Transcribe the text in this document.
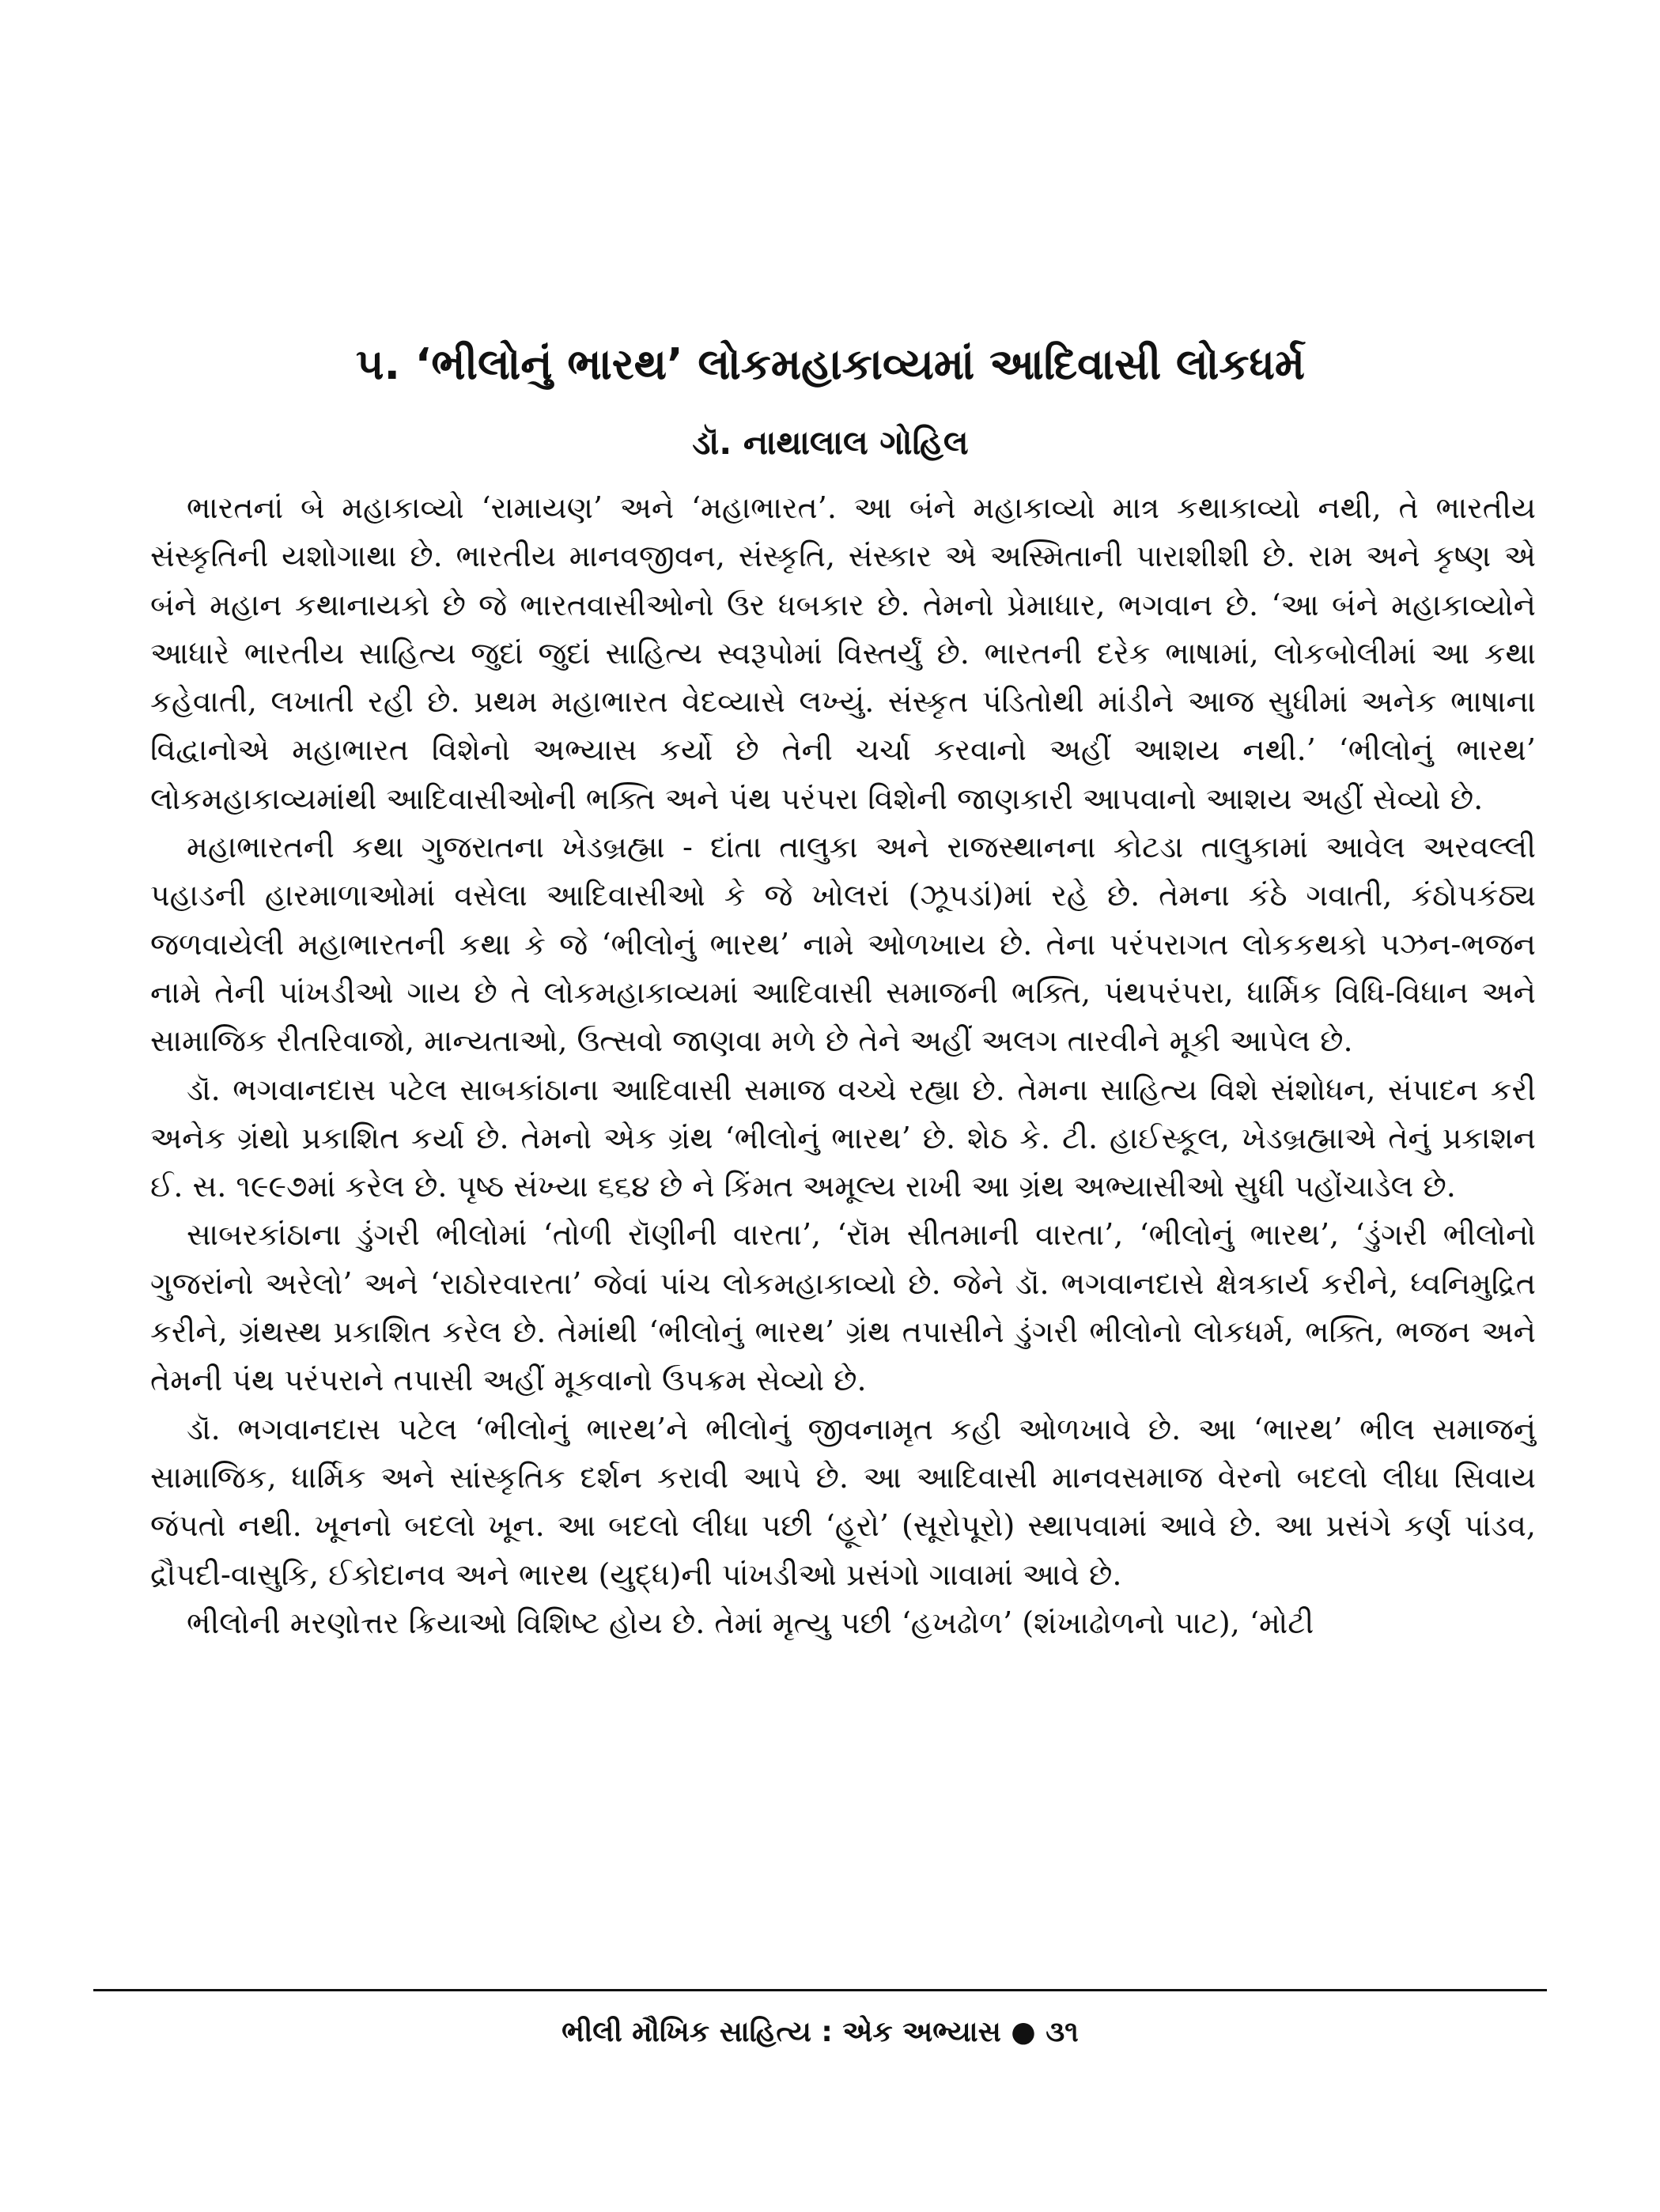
૫. ‘ભીલોનું ભારથ’ લોકમહાકાવ્યમાં આદિવાસી લોકધર્મ
ડૉ. નાથાલાલ ગોહિલ

ભારતનાં બે મહાકાવ્યો ‘રામાયણ’ અને ‘મહાભારત’. આ બંને મહાકાવ્યો માત્ર કથાકાવ્યો નથી, તે ભારતીય સંસ્કૃતિની યશોગાથા છે. ભારતીય માનવજીવન, સંસ્કૃતિ, સંસ્કાર એ અસ્મિતાની પારાશીશી છે. રામ અને કૃષ્ણ એ બંને મહાન કથાનાયકો છે જે ભારતવાસીઓનો ઉર ધબકાર છે. તેમનો પ્રેમાધાર, ભગવાન છે. ‘આ બંને મહાકાવ્યોને આધારે ભારતીય સાહિત્ય જુદાં જુદાં સાહિત્ય સ્વરૂપોમાં વિસ્તર્યું છે. ભારતની દરેક ભાષામાં, લોકબોલીમાં આ કથા કહેવાતી, લખાતી રહી છે. પ્રથમ મહાભારત વેદવ્યાસે લખ્યું. સંસ્કૃત પંડિતોથી માંડીને આજ સુધીમાં અનેક ભાષાના વિદ્વાનોએ મહાભારત વિશેનો અભ્યાસ કર્યો છે તેની ચર્ચા કરવાનો અહીં આશય નથી.’ ‘ભીલોનું ભારથ’ લોકમહાકાવ્યમાંથી આદિવાસીઓની ભક્તિ અને પંથ પરંપરા વિશેની જાણકારી આપવાનો આશય અહીં સેવ્યો છે.

મહાભારતની કથા ગુજરાતના ખેડબ્રહ્મા - દાંતા તાલુકા અને રાજસ્થાનના કોટડા તાલુકામાં આવેલ અરવલ્લી પહાડની હારમાળાઓમાં વસેલા આદિવાસીઓ કે જે ખોલરાં (ઝૂપડાં)માં રહે છે. તેમના કંઠે ગવાતી, કંઠોપકંઠ્ય જળવાયેલી મહાભારતની કથા કે જે ‘ભીલોનું ભારથ’ નામે ઓળખાય છે. તેના પરંપરાગત લોકકથકો પઝન-ભજન નામે તેની પાંખડીઓ ગાય છે તે લોકમહાકાવ્યમાં આદિવાસી સમાજની ભક્તિ, પંથપરંપરા, ધાર્મિક વિધિ-વિધાન અને સામાજિક રીતરિવાજો, માન્યતાઓ, ઉત્સવો જાણવા મળે છે તેને અહીં અલગ તારવીને મૂકી આપેલ છે.

ડૉ. ભગવાનદાસ પટેલ સાબકાંઠાના આદિવાસી સમાજ વચ્ચે રહ્યા છે. તેમના સાહિત્ય વિશે સંશોધન, સંપાદન કરી અનેક ગ્રંથો પ્રકાશિત કર્યા છે. તેમનો એક ગ્રંથ ‘ભીલોનું ભારથ’ છે. શેઠ કે. ટી. હાઈસ્કૂલ, ખેડબ્રહ્માએ તેનું પ્રકાશન ઈ. સ. ૧૯૯૭માં કરેલ છે. પૃષ્ઠ સંખ્યા ૬૬૪ છે ને કિંમત અમૂલ્ય રાખી આ ગ્રંથ અભ્યાસીઓ સુધી પહોંચાડેલ છે.

સાબરકાંઠાના ડુંગરી ભીલોમાં ‘તોળી રૉણીની વારતા’, ‘રૉમ સીતમાની વારતા’, ‘ભીલોનું ભારથ’, ‘ડુંગરી ભીલોનો ગુજરાંનો અરેલો’ અને ‘રાઠોરવારતા’ જેવાં પાંચ લોકમહાકાવ્યો છે. જેને ડૉ. ભગવાનદાસે ક્ષેત્રકાર્ય કરીને, ધ્વનિમુદ્રિત કરીને, ગ્રંથસ્થ પ્રકાશિત કરેલ છે. તેમાંથી ‘ભીલોનું ભારથ’ ગ્રંથ તપાસીને ડુંગરી ભીલોનો લોકધર્મ, ભક્તિ, ભજન અને તેમની પંથ પરંપરાને તપાસી અહીં મૂકવાનો ઉપક્રમ સેવ્યો છે.

ડૉ. ભગવાનદાસ પટેલ ‘ભીલોનું ભારથ’ને ભીલોનું જીવનામૃત કહી ઓળખાવે છે. આ ‘ભારથ’ ભીલ સમાજનું સામાજિક, ધાર્મિક અને સાંસ્કૃતિક દર્શન કરાવી આપે છે. આ આદિવાસી માનવસમાજ વેરનો બદલો લીધા સિવાય જંપતો નથી. ખૂનનો બદલો ખૂન. આ બદલો લીધા પછી ‘હૂરો’ (સૂરોપૂરો) સ્થાપવામાં આવે છે. આ પ્રસંગે કર્ણ પાંડવ, દ્રૌપદી-વાસુકિ, ઈકોદાનવ અને ભારથ (યુદ્ધ)ની પાંખડીઓ પ્રસંગો ગાવામાં આવે છે.

ભીલોની મરણોત્તર ક્રિયાઓ વિશિષ્ટ હોય છે. તેમાં મૃત્યુ પછી ‘હખઢોળ’ (શંખાઢોળનો પાટ), ‘મોટી

ભીલી મૌખિક સાહિત્ય : એક અભ્યાસ ● ૩૧
